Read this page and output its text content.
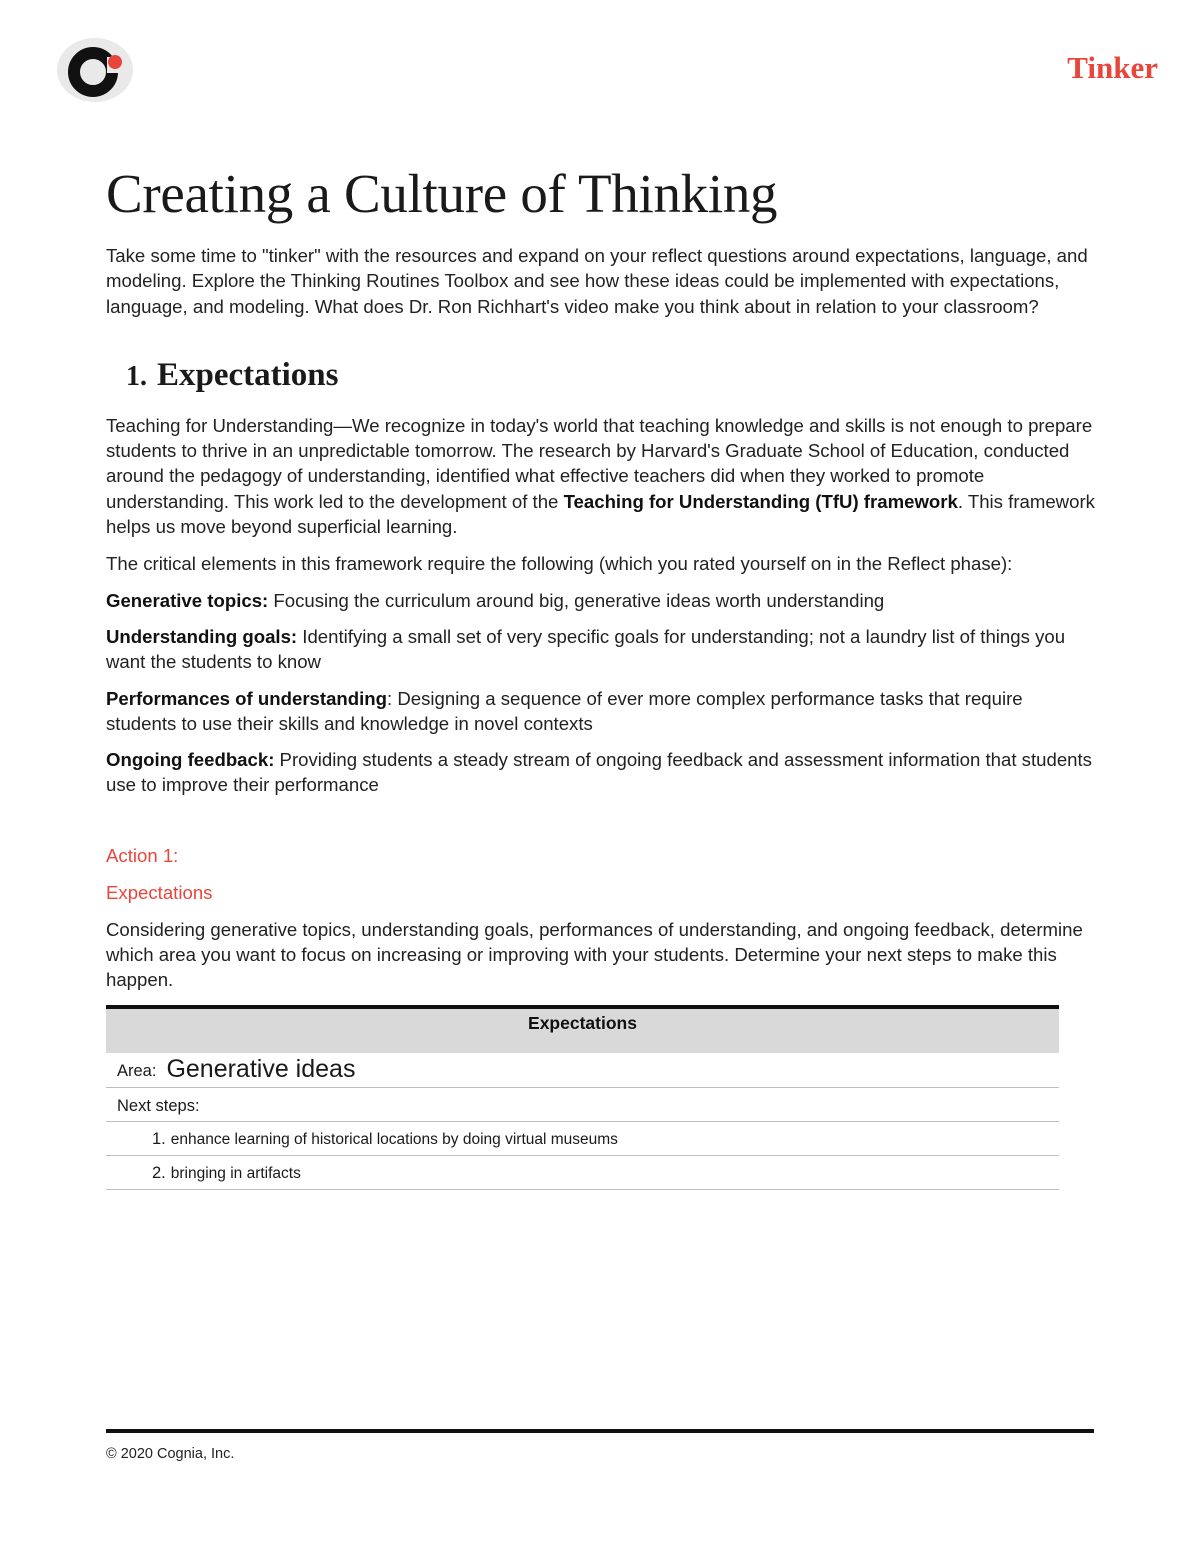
Tinker
Creating a Culture of Thinking

Take some time to "tinker" with the resources and expand on your reflect questions around expectations, language, and modeling. Explore the Thinking Routines Toolbox and see how these ideas could be implemented with expectations, language, and modeling. What does Dr. Ron Richhart's video make you think about in relation to your classroom?

1. Expectations

Teaching for Understanding—We recognize in today's world that teaching knowledge and skills is not enough to prepare students to thrive in an unpredictable tomorrow. The research by Harvard's Graduate School of Education, conducted around the pedagogy of understanding, identified what effective teachers did when they worked to promote understanding. This work led to the development of the Teaching for Understanding (TfU) framework. This framework helps us move beyond superficial learning.

The critical elements in this framework require the following (which you rated yourself on in the Reflect phase):

Generative topics: Focusing the curriculum around big, generative ideas worth understanding

Understanding goals: Identifying a small set of very specific goals for understanding; not a laundry list of things you want the students to know

Performances of understanding: Designing a sequence of ever more complex performance tasks that require students to use their skills and knowledge in novel contexts

Ongoing feedback: Providing students a steady stream of ongoing feedback and assessment information that students use to improve their performance

Action 1:

Expectations

Considering generative topics, understanding goals, performances of understanding, and ongoing feedback, determine which area you want to focus on increasing or improving with your students. Determine your next steps to make this happen.

Expectations
Area: Generative ideas
Next steps:
1. enhance learning of historical locations by doing virtual museums
2. bringing in artifacts
© 2020 Cognia, Inc.
